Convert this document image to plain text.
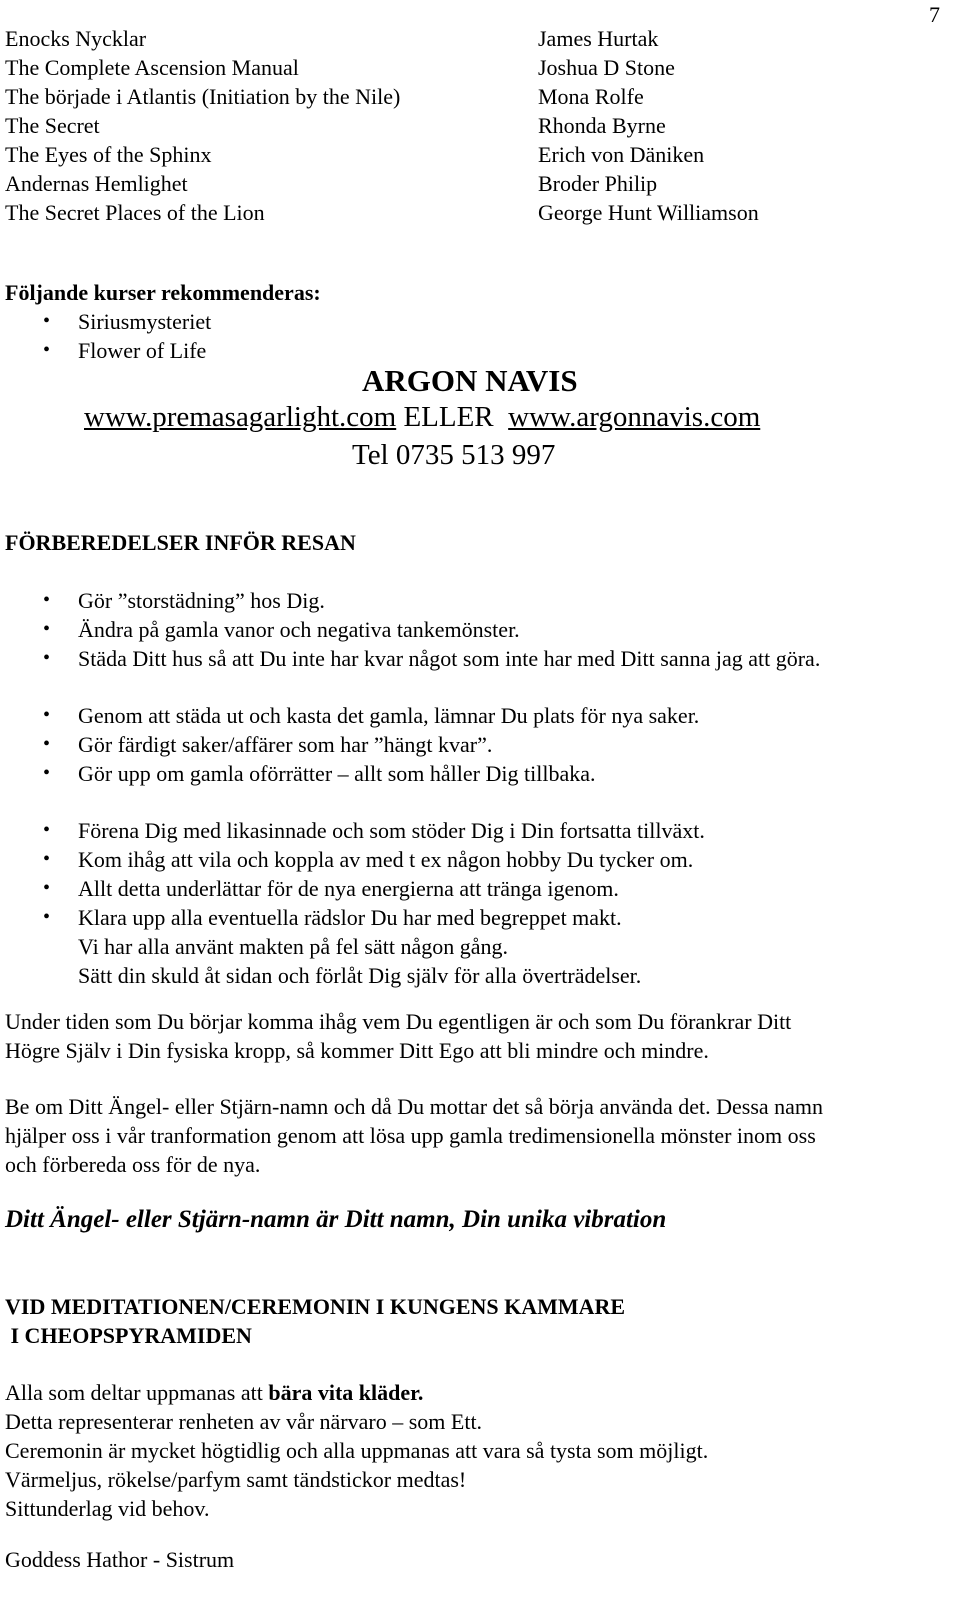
7
Enocks Nycklar
The Complete Ascension Manual
The började i Atlantis (Initiation by the Nile)
The Secret
The Eyes of the Sphinx
Andernas Hemlighet
The Secret Places of the Lion
James Hurtak
Joshua D Stone
Mona Rolfe
Rhonda Byrne
Erich von Däniken
Broder Philip
George Hunt Williamson
Följande kurser rekommenderas:
• Siriusmysteriet
• Flower of Life
ARGON NAVIS
www.premasagarlight.com ELLER www.argonnavis.com
Tel 0735 513 997
FÖRBEREDELSER INFÖR RESAN
• Gör ”storstädning” hos Dig.
• Ändra på gamla vanor och negativa tankemönster.
• Städa Ditt hus så att Du inte har kvar något som inte har med Ditt sanna jag att göra.
• Genom att städa ut och kasta det gamla, lämnar Du plats för nya saker.
• Gör färdigt saker/affärer som har ”hängt kvar”.
• Gör upp om gamla oförrätter – allt som håller Dig tillbaka.
• Förena Dig med likasinnade och som stöder Dig i Din fortsatta tillväxt.
• Kom ihåg att vila och koppla av med t ex någon hobby Du tycker om.
• Allt detta underlättar för de nya energierna att tränga igenom.
• Klara upp alla eventuella rädslor Du har med begreppet makt.
Vi har alla använt makten på fel sätt någon gång.
Sätt din skuld åt sidan och förlåt Dig själv för alla överträdelser.
Under tiden som Du börjar komma ihåg vem Du egentligen är och som Du förankrar Ditt
Högre Själv i Din fysiska kropp, så kommer Ditt Ego att bli mindre och mindre.
Be om Ditt Ängel- eller Stjärn-namn och då Du mottar det så börja använda det. Dessa namn
hjälper oss i vår tranformation genom att lösa upp gamla tredimensionella mönster inom oss
och förbereda oss för de nya.
Ditt Ängel- eller Stjärn-namn är Ditt namn, Din unika vibration
VID MEDITATIONEN/CEREMONIN I KUNGENS KAMMARE
I CHEOPSPYRAMIDEN
Alla som deltar uppmanas att bära vita kläder.
Detta representerar renheten av vår närvaro – som Ett.
Ceremonin är mycket högtidlig och alla uppmanas att vara så tysta som möjligt.
Värmeljus, rökelse/parfym samt tändstickor medtas!
Sittunderlag vid behov.
Goddess Hathor - Sistrum
